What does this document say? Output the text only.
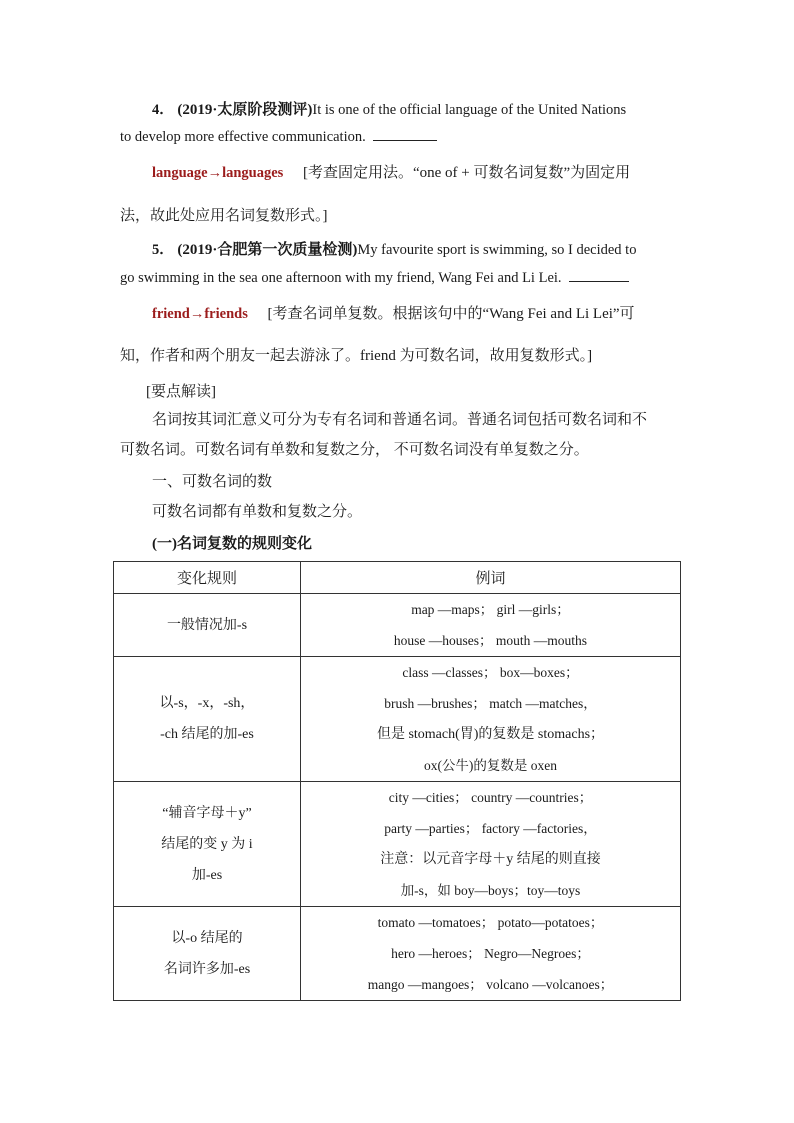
4． (2019·太原阶段测评)It is one of the official language of the United Nations
to develop more effective communication.
language→languages [考查固定用法。“one of + 可数名词复数”为固定用
法，故此处应用名词复数形式。]
5． (2019·合肥第一次质量检测)My favourite sport is swimming, so I decided to
go swimming in the sea one afternoon with my friend, Wang Fei and Li Lei.
friend→friends [考查名词单复数。根据该句中的“Wang Fei and Li Lei”可
知，作者和两个朋友一起去游泳了。friend 为可数名词，故用复数形式。]
[要点解读]
名词按其词汇意义可分为专有名词和普通名词。普通名词包括可数名词和不
可数名词。可数名词有单数和复数之分， 不可数名词没有单复数之分。
一、可数名词的数
可数名词都有单数和复数之分。
(一)名词复数的规则变化
变化规则	例词

一般情况加-s	map —maps； girl —girls；
house —houses； mouth —mouths

以-s，-x，-sh，
-ch 结尾的加-es	class —classes； box—boxes；
brush —brushes； match —matches，
但是 stomach(胃)的复数是 stomachs；
ox(公牛)的复数是 oxen

“辅音字母＋y”
结尾的变 y 为 i
加-es	city —cities； country —countries；
party —parties； factory —factories，
注意：以元音字母＋y 结尾的则直接
加-s，如 boy—boys；toy—toys

以-o 结尾的
名词许多加-es	tomato —tomatoes； potato—potatoes；
hero —heroes； Negro—Negroes；
mango —mangoes； volcano —volcanoes；
